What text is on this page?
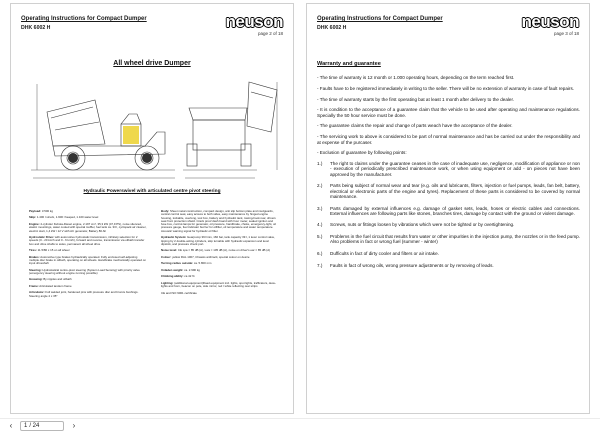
Operating Instructions for Compact Dumper
DHK 6002 H	neuson
page 2 of 18
All wheel drive Dumper
Hydraulic Powerswivel with articulated centre pivot steering
Payload: 3.500 kg
Skip: 1.400 l struck, 1.900 l heaped, 1.100 water level
Engine: 4-cylinder Kubota-Diesel engine, 2.197 cm³, 35,3 kW (47,9 PS), noise silenced, elastic mountings, water cooled with special muffler, fuel tank ca. 33 l, cyclopack air cleaner, electric start, 1,4 kW / 12 V with AC generator, Battery 80 Ah
Hydrostatic Drive: with automotive hydrostatic transmission, infinitely selection for 2 speeds (0 - 20 km/h and 0 - 6 km/h), forward and reverse, transmission via oilbath transfer box and drive shafts to axles, permanent all wheel drive
Tires: 11.5/80 x 15 on all wheel
Brakes: Automotive type brakes hydraulically operated. Fully enclosed self-adjusting multiple disc brake in oilbath, operating on all wheels. Handbrake mechanically operated on input driveshaft
Steering: Hydrostatical centre-pivot steering (System Load Sensing) with priority valve (emergency steering without engine running possible)
Greasing: By nipples and oilbath
Frame: Articulated tandem frame
Articulator: Full welded joint, hardened pins with pressure disc and bronze bushings. Steering angle 2 x 35°
Body: Sheet metal construction, compact design, anti slip bottom plate and mudguards, central control seat, easy access to both sides, easy maintenance by hinged engine housing, lockable, overlong, tool box, battery and hydraulic tank, towing-hook rear, drivers seat front protection shield. Crack proof dash board with hour meter, sealed ignition and fuse box, control-lamps for generator, oil pressure, handbrake, choke, emergency-light, oil pressure gauge, fuel indicator buzzer for oilfilter, oil temperature and water temperature. Acoustic warning signal for hydraulic oil filter.
Hydraulic System: Gearpump 39 l/min, 160 bar, tank capacity 39 l, 1 lever control valve, tipping by 2 double-acting cylinders, skip turnable with hydraulic expansion and level dipstick, and pressure check port.
Noise level: CE Lpa = 85 dB (A), Lwa = 105 dB (A), noise on driver's ear = 85 dB (A)
Colour: yellow RAL 1007, Chassis anthracit, special colour on desire
Turning radius outside: ca. 5.800 mm
Unladen weight: ca. 2.990 kg
Climbing ability: ca 42 %
Lighting: (additional equipment)Road equipment incl. lights, spot lights, trafficators, dece-lights and horn, beacon on pole, side mirror, red / white reflecting rear strips
CE and ISO 9001 certificate
Operating Instructions for Compact Dumper
DHK 6002 H	neuson
page 3 of 18
Warranty and guarantee

- The time of warranty is 12 month or 1.000 operating hours, depending on the term reached first.

- Faults have to be registered immediately in writing to the seller. There will be no extension of warranty in case of fault repairs.

- The time of warranty starts by the first operating bat at least 1 month after delivery to the dealer.

- It is condition to the acceptance of a guarantee claim that the vehicle to be used after operating and maintenance regulations. Specially the 50 hour service must be done.

- The guarantee claims the repair and change of parts weach have the acceptance of the dealer.

- The servicing work to above is considered to be part of normal maintenance and has be carried out under the responsibility and at expense of the purcaser.

- Exclusion of guarantee by following points:

1.)	The right to claims under the guarantee ceases in the case of inadequate use, negligence, modification of appliance or non - execution of periodically prescribed maintenance work, or when using equipment or add - on pieces not have been approved by the manufacturer.
2.)	Parts being subject of normal wear and tear (e.g. oils and lubricants, filters, injection or fuel pumps, leads, fan belt, battery, electrical or electronic parts of the engine and tyres). Replacement of these parts is considered to be covered by normal maintenance.
3.)	Parts damaged by external influences e.g. damage of gasket sets, leads, hoses or electric cables and connections. External influences are following parts like stones, branches tires, damage by contact with the ground or violent damage.
4.)	Screws, nuts or fittings loosen by vibrations which were not be tighted or by overtightening.
5.)	Problems in the fuel circuit that results from water or other impurities in the injection pump, the nozzles or in the feed pump. Also problems in fact or wrong fuel (summer - winter)
6.)	Dufficults in fact of dirty cooler and filters or air intake.
7.)	Faults in fact of wrong oils, wrong pressure adjustments or by removing of leads.
‹	1 / 24	›
